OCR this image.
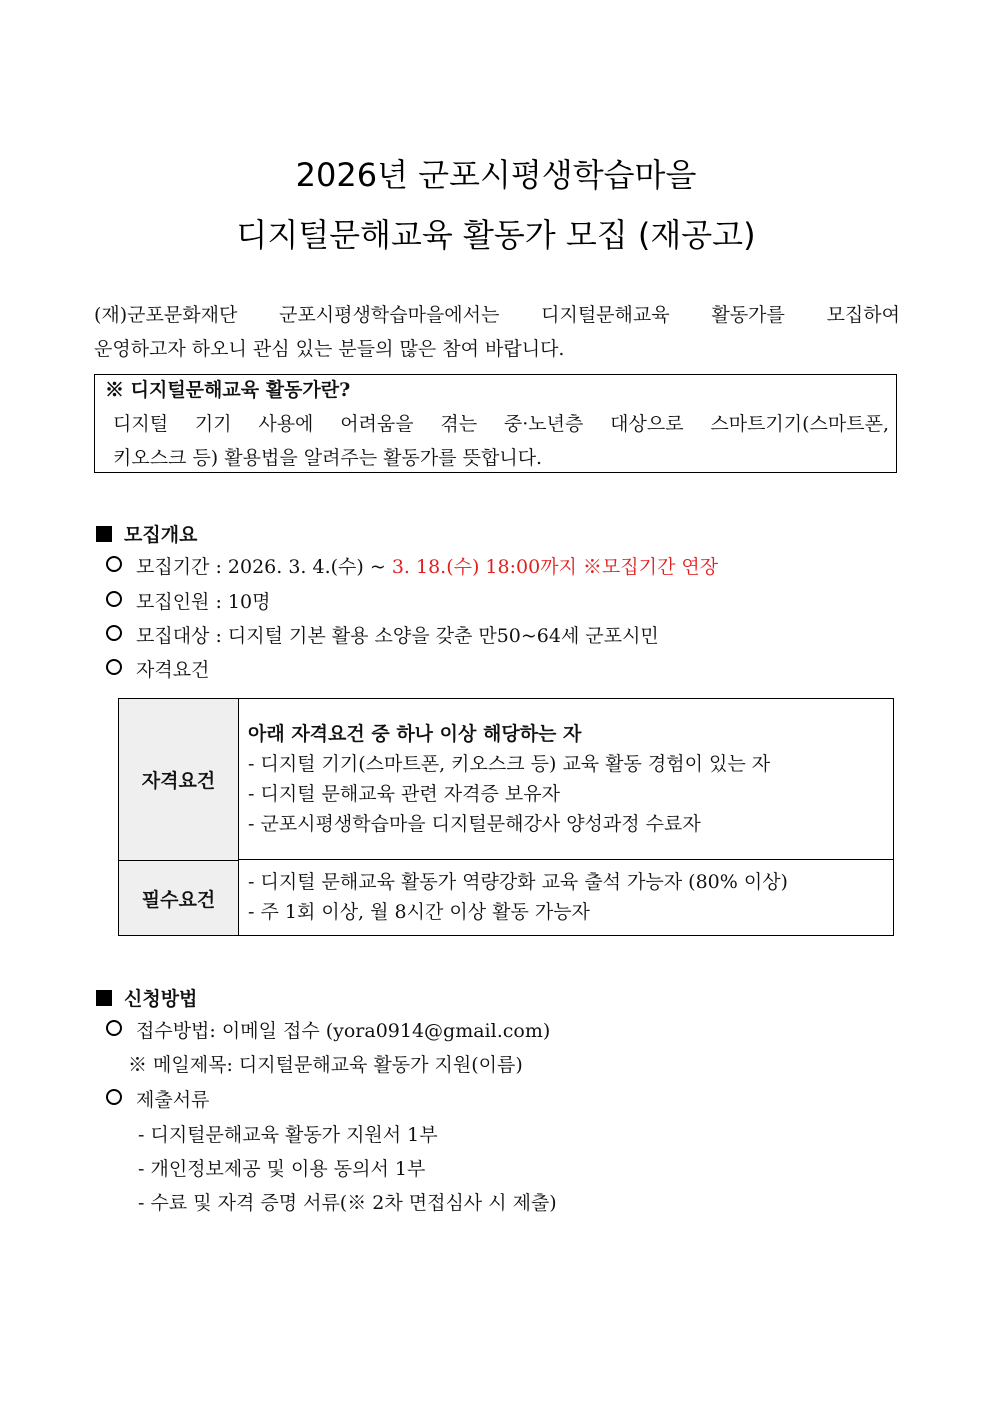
2026년 군포시평생학습마을
디지털문해교육 활동가 모집 (재공고)
(재)군포문화재단 군포시평생학습마을에서는 디지털문해교육 활동가를 모집하여
운영하고자 하오니 관심 있는 분들의 많은 참여 바랍니다.
※ 디지털문해교육 활동가란?
디지털 기기 사용에 어려움을 겪는 중·노년층 대상으로 스마트기기(스마트폰,
키오스크 등) 활용법을 알려주는 활동가를 뜻합니다.
모집개요
모집기간 : 2026. 3. 4.(수) ~ 3. 18.(수) 18:00까지 ※모집기간 연장
모집인원 : 10명
모집대상 : 디지털 기본 활용 소양을 갖춘 만50~64세 군포시민
자격요건
자격요건
필수요건
아래 자격요건 중 하나 이상 해당하는 자
- 디지털 기기(스마트폰, 키오스크 등) 교육 활동 경험이 있는 자
- 디지털 문해교육 관련 자격증 보유자
- 군포시평생학습마을 디지털문해강사 양성과정 수료자
- 디지털 문해교육 활동가 역량강화 교육 출석 가능자 (80% 이상)
- 주 1회 이상, 월 8시간 이상 활동 가능자
신청방법
접수방법: 이메일 접수 (yora0914@gmail.com)
※ 메일제목: 디지털문해교육 활동가 지원(이름)
제출서류
- 디지털문해교육 활동가 지원서 1부
- 개인정보제공 및 이용 동의서 1부
- 수료 및 자격 증명 서류(※ 2차 면접심사 시 제출)
